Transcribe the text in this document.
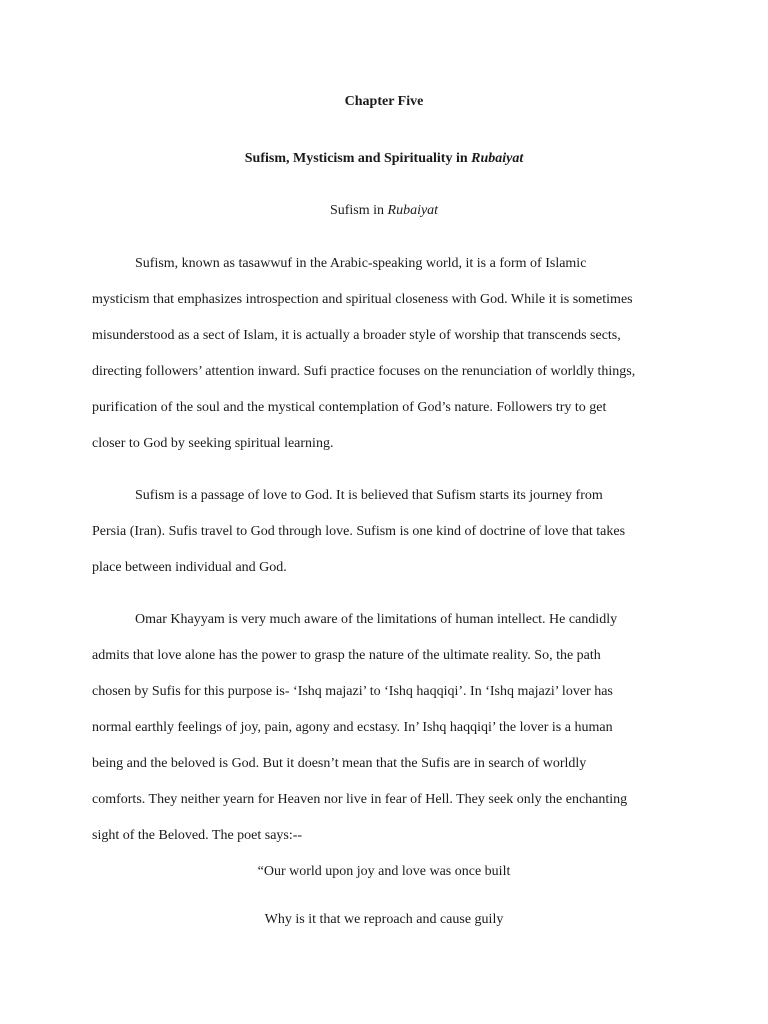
Chapter Five
Sufism, Mysticism and Spirituality in Rubaiyat
Sufism in Rubaiyat
Sufism, known as tasawwuf in the Arabic-speaking world, it is a form of Islamic
mysticism that emphasizes introspection and spiritual closeness with God. While it is sometimes
misunderstood as a sect of Islam, it is actually a broader style of worship that transcends sects,
directing followers’ attention inward. Sufi practice focuses on the renunciation of worldly things,
purification of the soul and the mystical contemplation of God’s nature. Followers try to get
closer to God by seeking spiritual learning.
Sufism is a passage of love to God. It is believed that Sufism starts its journey from
Persia (Iran). Sufis travel to God through love. Sufism is one kind of doctrine of love that takes
place between individual and God.
Omar Khayyam is very much aware of the limitations of human intellect. He candidly
admits that love alone has the power to grasp the nature of the ultimate reality. So, the path
chosen by Sufis for this purpose is- ‘Ishq majazi’ to ‘Ishq haqqiqi’. In ‘Ishq majazi’ lover has
normal earthly feelings of joy, pain, agony and ecstasy. In’ Ishq haqqiqi’ the lover is a human
being and the beloved is God. But it doesn’t mean that the Sufis are in search of worldly
comforts. They neither yearn for Heaven nor live in fear of Hell. They seek only the enchanting
sight of the Beloved. The poet says:--
“Our world upon joy and love was once built
Why is it that we reproach and cause guily
